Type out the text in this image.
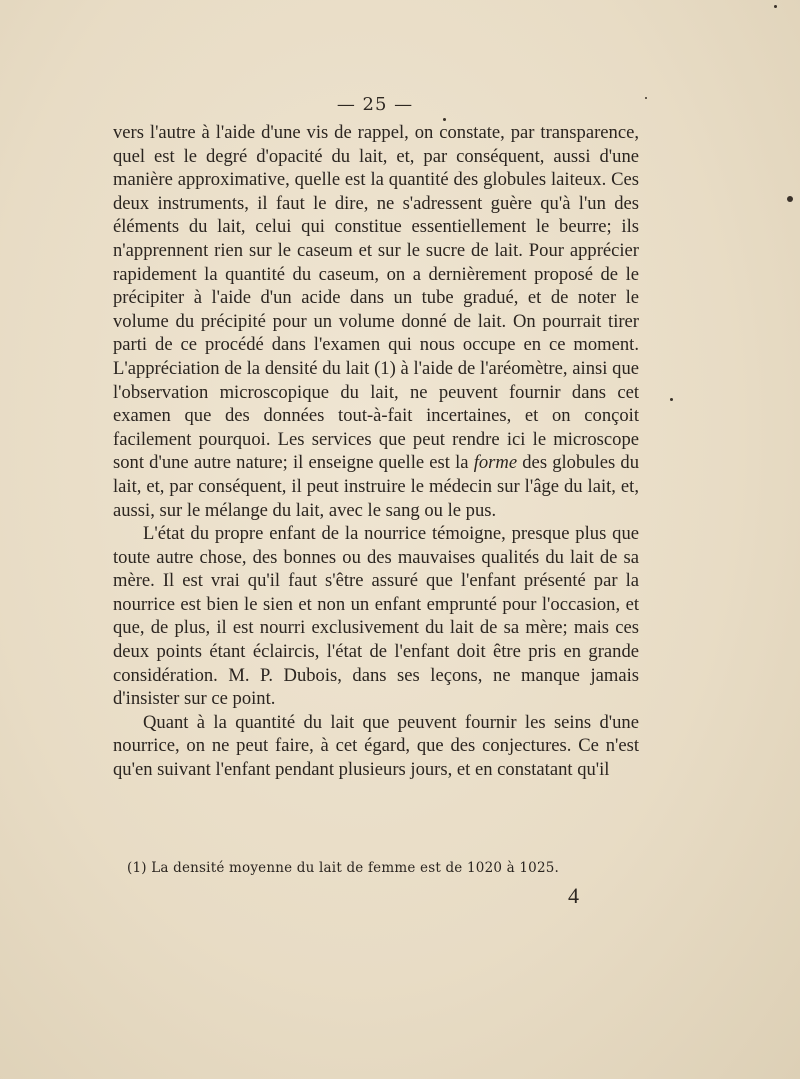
— 25 —

vers l'autre à l'aide d'une vis de rappel, on constate, par transparence, quel est le degré d'opacité du lait, et, par conséquent, aussi d'une manière approximative, quelle est la quantité des globules laiteux. Ces deux instruments, il faut le dire, ne s'adressent guère qu'à l'un des éléments du lait, celui qui constitue essentiellement le beurre; ils n'apprennent rien sur le caseum et sur le sucre de lait. Pour apprécier rapidement la quantité du caseum, on a dernièrement proposé de le précipiter à l'aide d'un acide dans un tube gradué, et de noter le volume du précipité pour un volume donné de lait. On pourrait tirer parti de ce procédé dans l'examen qui nous occupe en ce moment. L'appréciation de la densité du lait (1) à l'aide de l'aréomètre, ainsi que l'observation microscopique du lait, ne peuvent fournir dans cet examen que des données tout-à-fait incertaines, et on conçoit facilement pourquoi. Les services que peut rendre ici le microscope sont d'une autre nature; il enseigne quelle est la forme des globules du lait, et, par conséquent, il peut instruire le médecin sur l'âge du lait, et, aussi, sur le mélange du lait, avec le sang ou le pus.

L'état du propre enfant de la nourrice témoigne, presque plus que toute autre chose, des bonnes ou des mauvaises qualités du lait de sa mère. Il est vrai qu'il faut s'être assuré que l'enfant présenté par la nourrice est bien le sien et non un enfant emprunté pour l'occasion, et que, de plus, il est nourri exclusivement du lait de sa mère; mais ces deux points étant éclaircis, l'état de l'enfant doit être pris en grande considération. M. P. Dubois, dans ses leçons, ne manque jamais d'insister sur ce point.

Quant à la quantité du lait que peuvent fournir les seins d'une nourrice, on ne peut faire, à cet égard, que des conjectures. Ce n'est qu'en suivant l'enfant pendant plusieurs jours, et en constatant qu'il

(1) La densité moyenne du lait de femme est de 1020 à 1025.
4
